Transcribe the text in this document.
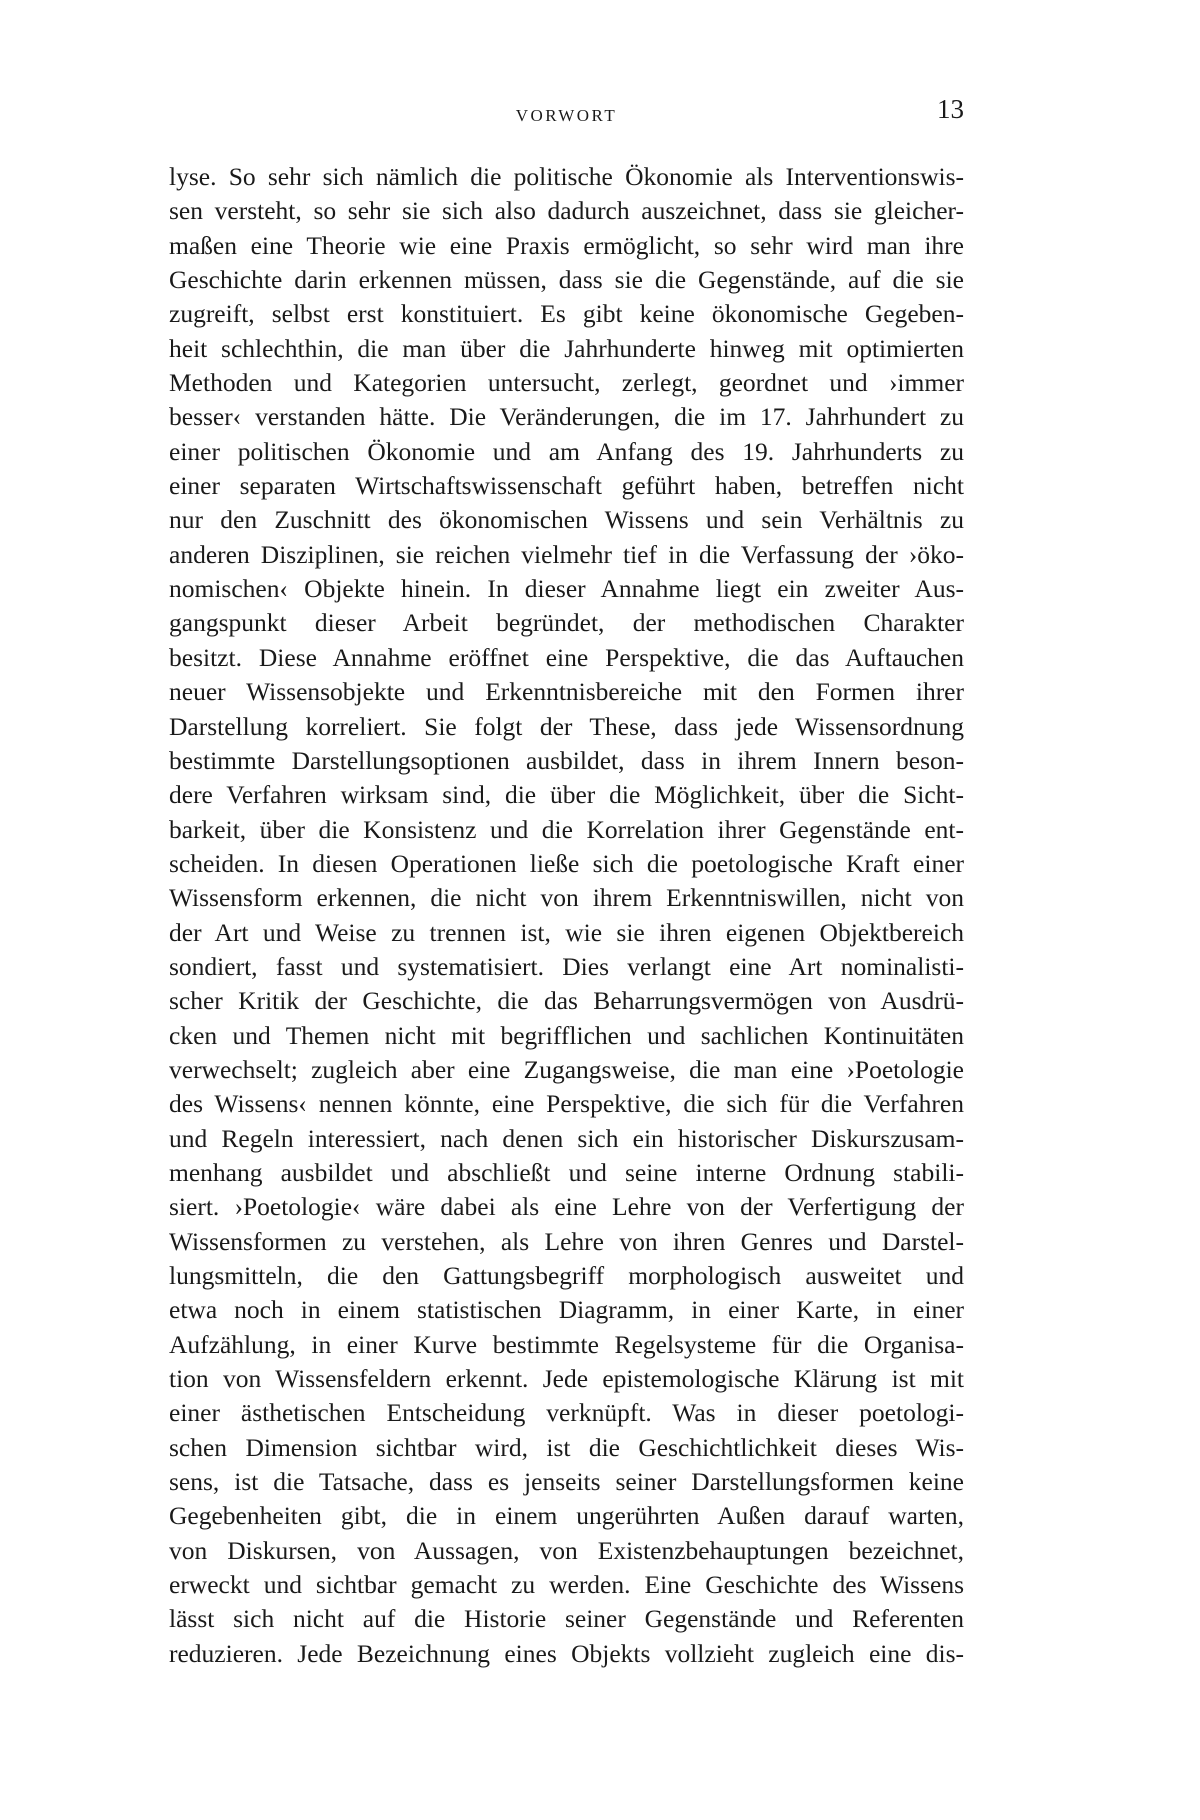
VORWORT	13
lyse. So sehr sich nämlich die politische Ökonomie als Interventionswis-
sen versteht, so sehr sie sich also dadurch auszeichnet, dass sie gleicher-
maßen eine Theorie wie eine Praxis ermöglicht, so sehr wird man ihre
Geschichte darin erkennen müssen, dass sie die Gegenstände, auf die sie
zugreift, selbst erst konstituiert. Es gibt keine ökonomische Gegeben-
heit schlechthin, die man über die Jahrhunderte hinweg mit optimierten
Methoden und Kategorien untersucht, zerlegt, geordnet und ›immer
besser‹ verstanden hätte. Die Veränderungen, die im 17. Jahrhundert zu
einer politischen Ökonomie und am Anfang des 19. Jahrhunderts zu
einer separaten Wirtschaftswissenschaft geführt haben, betreffen nicht
nur den Zuschnitt des ökonomischen Wissens und sein Verhältnis zu
anderen Disziplinen, sie reichen vielmehr tief in die Verfassung der ›öko-
nomischen‹ Objekte hinein. In dieser Annahme liegt ein zweiter Aus-
gangspunkt dieser Arbeit begründet, der methodischen Charakter
besitzt. Diese Annahme eröffnet eine Perspektive, die das Auftauchen
neuer Wissensobjekte und Erkenntnisbereiche mit den Formen ihrer
Darstellung korreliert. Sie folgt der These, dass jede Wissensordnung
bestimmte Darstellungsoptionen ausbildet, dass in ihrem Innern beson-
dere Verfahren wirksam sind, die über die Möglichkeit, über die Sicht-
barkeit, über die Konsistenz und die Korrelation ihrer Gegenstände ent-
scheiden. In diesen Operationen ließe sich die poetologische Kraft einer
Wissensform erkennen, die nicht von ihrem Erkenntniswillen, nicht von
der Art und Weise zu trennen ist, wie sie ihren eigenen Objektbereich
sondiert, fasst und systematisiert. Dies verlangt eine Art nominalisti-
scher Kritik der Geschichte, die das Beharrungsvermögen von Ausdrü-
cken und Themen nicht mit begrifflichen und sachlichen Kontinuitäten
verwechselt; zugleich aber eine Zugangsweise, die man eine ›Poetologie
des Wissens‹ nennen könnte, eine Perspektive, die sich für die Verfahren
und Regeln interessiert, nach denen sich ein historischer Diskurszusam-
menhang ausbildet und abschließt und seine interne Ordnung stabili-
siert. ›Poetologie‹ wäre dabei als eine Lehre von der Verfertigung der
Wissensformen zu verstehen, als Lehre von ihren Genres und Darstel-
lungsmitteln, die den Gattungsbegriff morphologisch ausweitet und
etwa noch in einem statistischen Diagramm, in einer Karte, in einer
Aufzählung, in einer Kurve bestimmte Regelsysteme für die Organisa-
tion von Wissensfeldern erkennt. Jede epistemologische Klärung ist mit
einer ästhetischen Entscheidung verknüpft. Was in dieser poetologi-
schen Dimension sichtbar wird, ist die Geschichtlichkeit dieses Wis-
sens, ist die Tatsache, dass es jenseits seiner Darstellungsformen keine
Gegebenheiten gibt, die in einem ungerührten Außen darauf warten,
von Diskursen, von Aussagen, von Existenzbehauptungen bezeichnet,
erweckt und sichtbar gemacht zu werden. Eine Geschichte des Wissens
lässt sich nicht auf die Historie seiner Gegenstände und Referenten
reduzieren. Jede Bezeichnung eines Objekts vollzieht zugleich eine dis-
